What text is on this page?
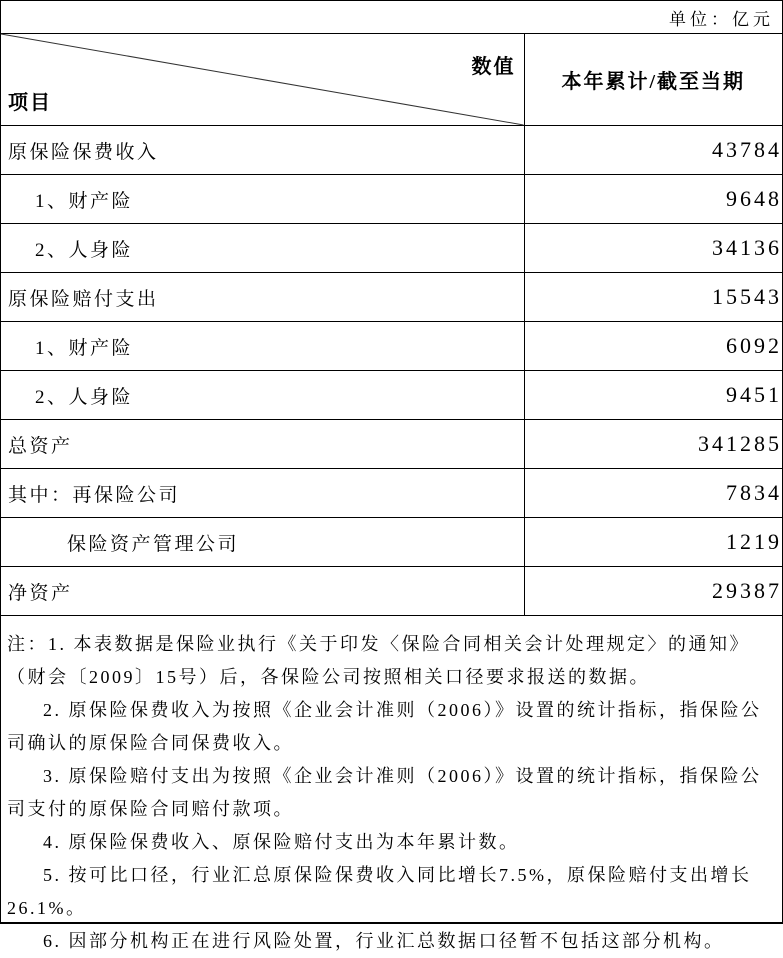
单位：亿元
数值
项目	本年累计/截至当期
原保险保费收入	43784
1、财产险	9648
2、人身险	34136
原保险赔付支出	15543
1、财产险	6092
2、人身险	9451
总资产	341285
其中：再保险公司	7834
保险资产管理公司	1219
净资产	29387

注：1. 本表数据是保险业执行《关于印发〈保险合同相关会计处理规定〉的通知》（财会〔2009〕15号）后，各保险公司按照相关口径要求报送的数据。

2. 原保险保费收入为按照《企业会计准则（2006）》设置的统计指标，指保险公司确认的原保险合同保费收入。

3. 原保险赔付支出为按照《企业会计准则（2006）》设置的统计指标，指保险公司支付的原保险合同赔付款项。

4. 原保险保费收入、原保险赔付支出为本年累计数。

5. 按可比口径，行业汇总原保险保费收入同比增长7.5%，原保险赔付支出增长26.1%。

6. 因部分机构正在进行风险处置，行业汇总数据口径暂不包括这部分机构。
